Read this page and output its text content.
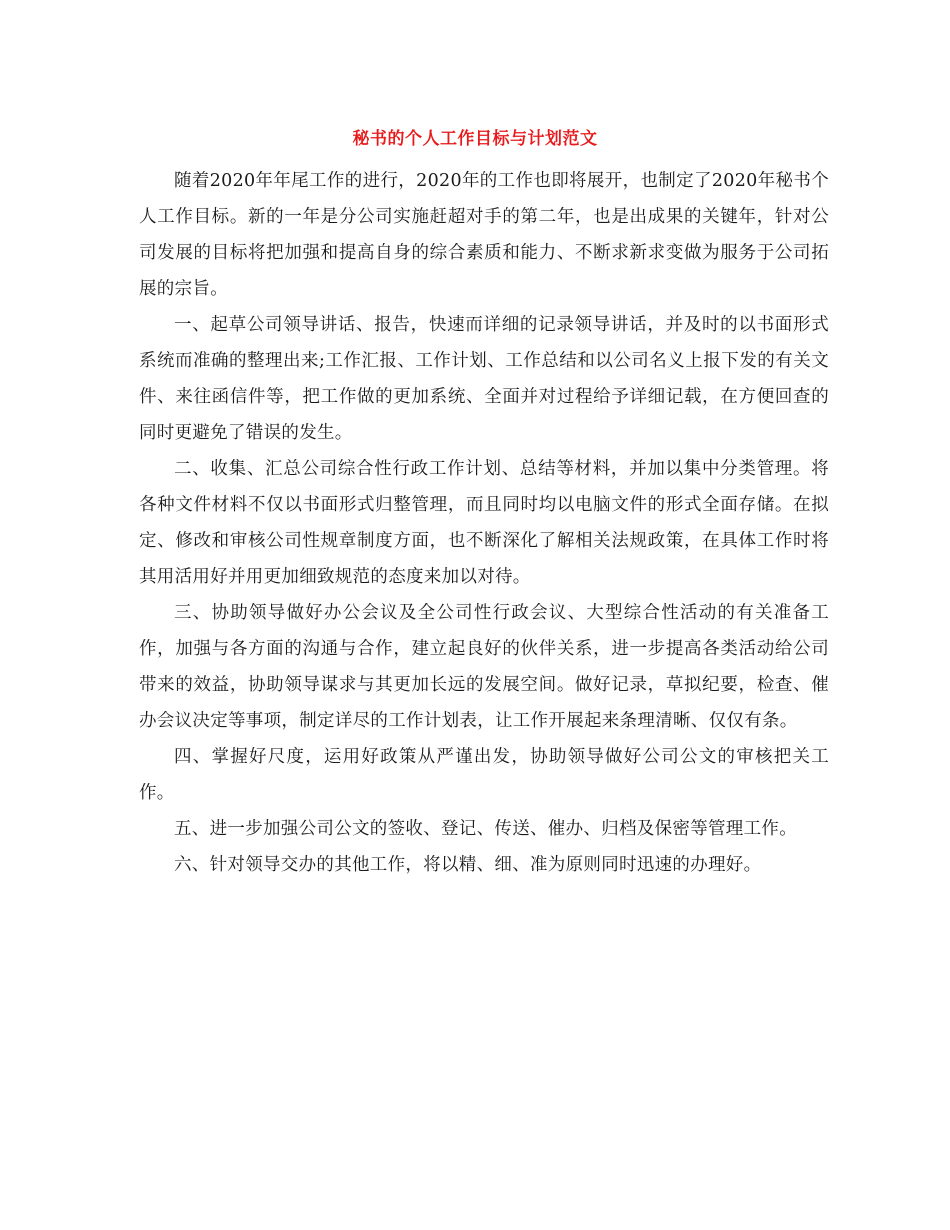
秘书的个人工作目标与计划范文

随着2020年年尾工作的进行，2020年的工作也即将展开，也制定了2020年秘书个人工作目标。新的一年是分公司实施赶超对手的第二年，也是出成果的关键年，针对公司发展的目标将把加强和提高自身的综合素质和能力、不断求新求变做为服务于公司拓展的宗旨。

一、起草公司领导讲话、报告，快速而详细的记录领导讲话，并及时的以书面形式系统而准确的整理出来;工作汇报、工作计划、工作总结和以公司名义上报下发的有关文件、来往函信件等，把工作做的更加系统、全面并对过程给予详细记载，在方便回查的同时更避免了错误的发生。

二、收集、汇总公司综合性行政工作计划、总结等材料，并加以集中分类管理。将各种文件材料不仅以书面形式归整管理，而且同时均以电脑文件的形式全面存储。在拟定、修改和审核公司性规章制度方面，也不断深化了解相关法规政策，在具体工作时将其用活用好并用更加细致规范的态度来加以对待。

三、协助领导做好办公会议及全公司性行政会议、大型综合性活动的有关准备工作，加强与各方面的沟通与合作，建立起良好的伙伴关系，进一步提高各类活动给公司带来的效益，协助领导谋求与其更加长远的发展空间。做好记录，草拟纪要，检查、催办会议决定等事项，制定详尽的工作计划表，让工作开展起来条理清晰、仅仅有条。

四、掌握好尺度，运用好政策从严谨出发，协助领导做好公司公文的审核把关工作。

五、进一步加强公司公文的签收、登记、传送、催办、归档及保密等管理工作。

六、针对领导交办的其他工作，将以精、细、准为原则同时迅速的办理好。
